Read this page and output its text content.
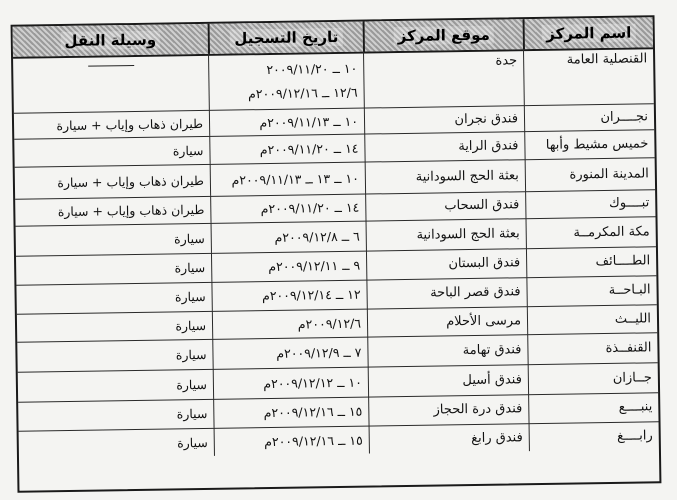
اسم المركز
موقع المركز
تاريخ التسجيل
وسيلة النقل
القنصلية العامة
جدة
١٠ ــ ٢٠٠٩/١١/٢٠
١٢/٦ ــ ٢٠٠٩/١٢/١٦م
نجــــران
فندق نجران
١٠ ــ ٢٠٠٩/١١/١٣م
طيران ذهاب وإياب + سيارة
خميس مشيط وأبها
فندق الراية
١٤ ــ ٢٠٠٩/١١/٢٠م
سيارة
المدينة المنورة
بعثة الحج السودانية
١٠ ــ ١٣ ــ ٢٠٠٩/١١/١٣م
طيران ذهاب وإياب + سيارة
تبــــوك
فندق السحاب
١٤ ــ ٢٠٠٩/١١/٢٠م
طيران ذهاب وإياب + سيارة
مكة المكرمــة
بعثة الحج السودانية
٦ ــ ٢٠٠٩/١٢/٨م
سيارة
الطــــائف
فندق البستان
٩ ــ ٢٠٠٩/١٢/١١م
سيارة
البـاحــة
فندق قصر الباحة
١٢ ــ ٢٠٠٩/١٢/١٤م
سيارة
الليــث
مرسى الأحلام
٢٠٠٩/١٢/٦م
سيارة
القنفــذة
فندق تهامة
٧ ــ ٢٠٠٩/١٢/٩م
سيارة
جــازان
فندق أسيل
١٠ ــ ٢٠٠٩/١٢/١٢م
سيارة
ينبــــع
فندق درة الحجاز
١٥ ــ ٢٠٠٩/١٢/١٦م
سيارة
رابــــغ
فندق رابغ
١٥ ــ ٢٠٠٩/١٢/١٦م
سيارة
